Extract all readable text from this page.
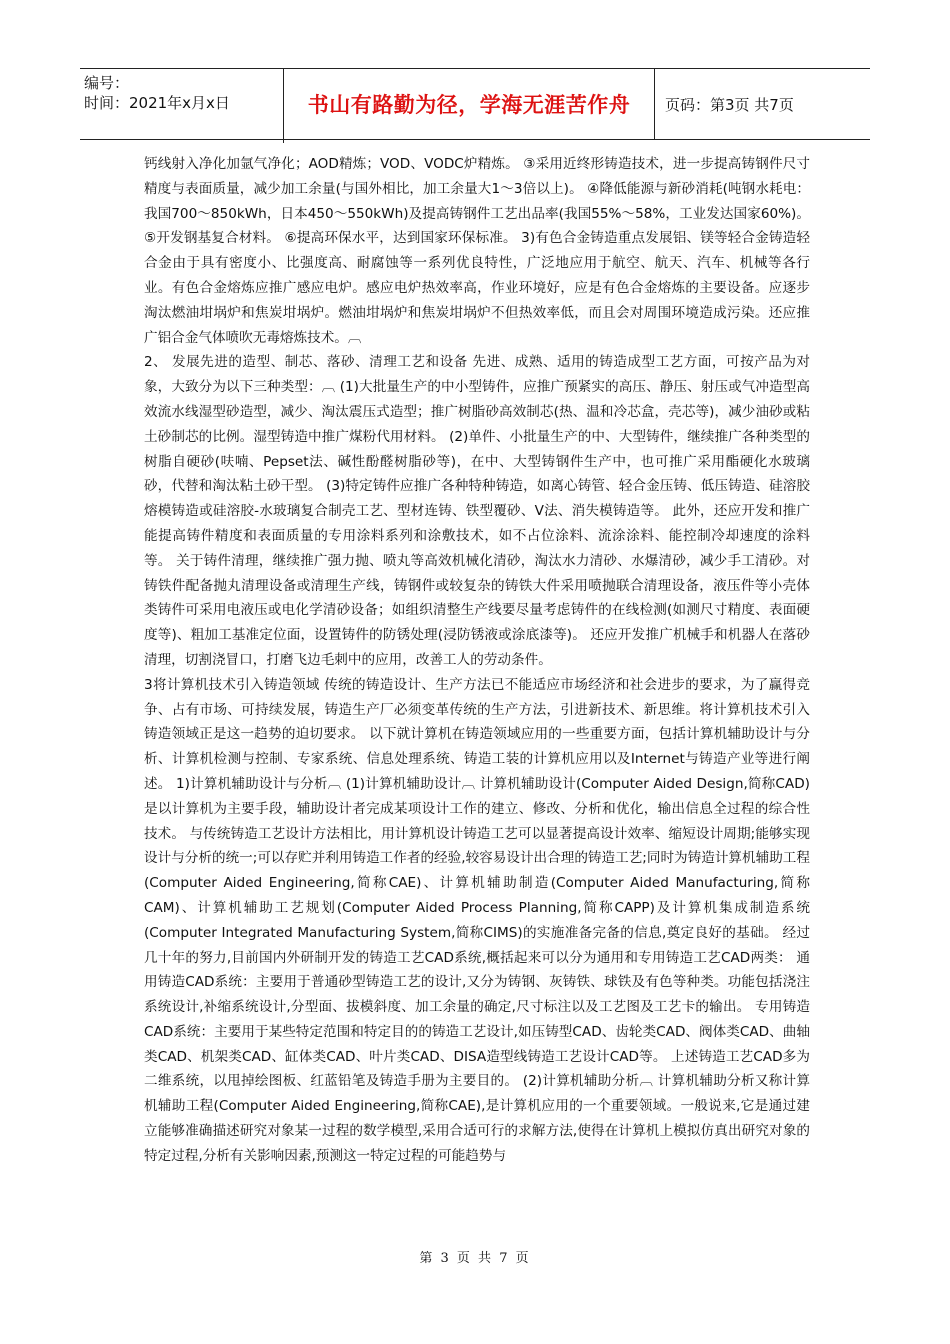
编号：
时间：2021年x月x日	书山有路勤为径，学海无涯苦作舟	页码：第3页 共7页

钙线射入净化加氩气净化；AOD精炼；VOD、VODC炉精炼。 ③采用近终形铸造技术，进一步提高铸钢件尺寸精度与表面质量，减少加工余量(与国外相比，加工余量大1～3倍以上)。 ④降低能源与新砂消耗(吨钢水耗电：我国700～850kWh，日本450～550kWh)及提高铸钢件工艺出品率(我国55%～58%，工业发达国家60%)。 ⑤开发钢基复合材料。 ⑥提高环保水平，达到国家环保标准。 3)有色合金铸造重点发展铝、镁等轻合金铸造轻合金由于具有密度小、比强度高、耐腐蚀等一系列优良特性，广泛地应用于航空、航天、汽车、机械等各行业。有色合金熔炼应推广感应电炉。感应电炉热效率高，作业环境好，应是有色合金熔炼的主要设备。应逐步淘汰燃油坩埚炉和焦炭坩埚炉。燃油坩埚炉和焦炭坩埚炉不但热效率低，而且会对周围环境造成污染。还应推广铝合金气体喷吹无毒熔炼技术。︹

2、 发展先进的造型、制芯、落砂、清理工艺和设备 先进、成熟、适用的铸造成型工艺方面，可按产品为对象，大致分为以下三种类型：︹ (1)大批量生产的中小型铸件，应推广预紧实的高压、静压、射压或气冲造型高效流水线湿型砂造型，减少、淘汰震压式造型；推广树脂砂高效制芯(热、温和冷芯盒，壳芯等)，减少油砂或粘土砂制芯的比例。湿型铸造中推广煤粉代用材料。 (2)单件、小批量生产的中、大型铸件，继续推广各种类型的树脂自硬砂(呋喃、Pepset法、碱性酚醛树脂砂等)，在中、大型铸钢件生产中，也可推广采用酯硬化水玻璃砂，代替和淘汰粘土砂干型。 (3)特定铸件应推广各种特种铸造，如离心铸管、轻合金压铸、低压铸造、硅溶胶熔模铸造或硅溶胶-水玻璃复合制壳工艺、型材连铸、铁型覆砂、V法、消失模铸造等。 此外，还应开发和推广能提高铸件精度和表面质量的专用涂料系列和涂敷技术，如不占位涂料、流涂涂料、能控制冷却速度的涂料等。 关于铸件清理，继续推广强力抛、喷丸等高效机械化清砂，淘汰水力清砂、水爆清砂，减少手工清砂。对铸铁件配备抛丸清理设备或清理生产线，铸钢件或较复杂的铸铁大件采用喷抛联合清理设备，液压件等小壳体类铸件可采用电液压或电化学清砂设备；如组织清整生产线要尽量考虑铸件的在线检测(如测尺寸精度、表面硬度等)、粗加工基准定位面，设置铸件的防锈处理(浸防锈液或涂底漆等)。 还应开发推广机械手和机器人在落砂清理，切割浇冒口，打磨飞边毛刺中的应用，改善工人的劳动条件。

3将计算机技术引入铸造领域 传统的铸造设计、生产方法已不能适应市场经济和社会进步的要求，为了赢得竞争、占有市场、可持续发展，铸造生产厂必须变革传统的生产方法，引进新技术、新思维。将计算机技术引入铸造领域正是这一趋势的迫切要求。 以下就计算机在铸造领域应用的一些重要方面，包括计算机辅助设计与分析、计算机检测与控制、专家系统、信息处理系统、铸造工装的计算机应用以及Internet与铸造产业等进行阐述。 1)计算机辅助设计与分析︹ (1)计算机辅助设计︹ 计算机辅助设计(Computer Aided Design,简称CAD)是以计算机为主要手段，辅助设计者完成某项设计工作的建立、修改、分析和优化，输出信息全过程的综合性技术。 与传统铸造工艺设计方法相比，用计算机设计铸造工艺可以显著提高设计效率、缩短设计周期;能够实现设计与分析的统一;可以存贮并利用铸造工作者的经验,较容易设计出合理的铸造工艺;同时为铸造计算机辅助工程(Computer Aided Engineering,简称CAE)、计算机辅助制造(Computer Aided Manufacturing,简称CAM)、计算机辅助工艺规划(Computer Aided Process Planning,简称CAPP)及计算机集成制造系统(Computer Integrated Manufacturing System,简称CIMS)的实施准备完备的信息,奠定良好的基础。 经过几十年的努力,目前国内外研制开发的铸造工艺CAD系统,概括起来可以分为通用和专用铸造工艺CAD两类： 通用铸造CAD系统：主要用于普通砂型铸造工艺的设计,又分为铸钢、灰铸铁、球铁及有色等种类。功能包括浇注系统设计,补缩系统设计,分型面、拔模斜度、加工余量的确定,尺寸标注以及工艺图及工艺卡的输出。 专用铸造CAD系统：主要用于某些特定范围和特定目的的铸造工艺设计,如压铸型CAD、齿轮类CAD、阀体类CAD、曲轴类CAD、机架类CAD、缸体类CAD、叶片类CAD、DISA造型线铸造工艺设计CAD等。 上述铸造工艺CAD多为二维系统，以甩掉绘图板、红蓝铅笔及铸造手册为主要目的。 (2)计算机辅助分析︹ 计算机辅助分析又称计算机辅助工程(Computer Aided Engineering,简称CAE),是计算机应用的一个重要领域。一般说来,它是通过建立能够准确描述研究对象某一过程的数学模型,采用合适可行的求解方法,使得在计算机上模拟仿真出研究对象的特定过程,分析有关影响因素,预测这一特定过程的可能趋势与

第 3 页 共 7 页
